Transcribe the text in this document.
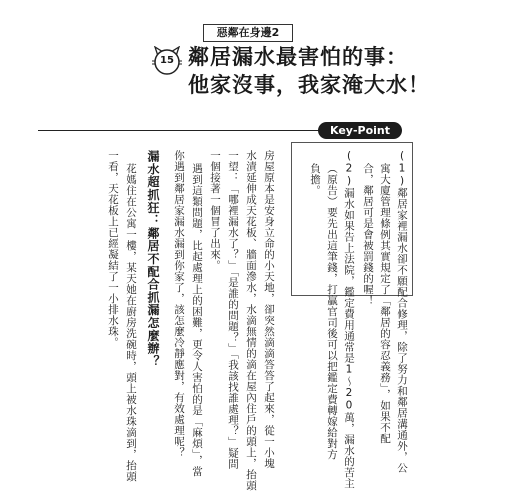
惡鄰在身邊2
15 鄰居漏水最害怕的事：
他家沒事，我家淹大水！
Key-Point
(1)鄰居家裡漏水卻不願配合修理，除了努力和鄰居溝通外，公
寓大廈管理條例其實規定了「鄰居的容忍義務」，如果不配
合，鄰居可是會被罰錢的喔！
(2)漏水如果告上法院，鑑定費用通常是1～20萬，漏水的苦主
（原告）要先出這筆錢，打贏官司後可以把鑑定費轉嫁給對方
負擔。
房屋原本是安身立命的小天地，卻突然滴滴答答了起來，從一小塊
水漬延伸成天花板、牆面滲水，水滴無情的滴在屋內住戶的頭上，抬頭
一望：「哪裡漏水了？」「是誰的問題？」「我該找誰處理？」疑問
一個接著一個冒了出來。
遇到這類問題，比起處理上的困難，更令人害怕的是「麻煩」，當
你遇到鄰居家漏水漏到你家了，該怎麼冷靜應對，有效處理呢？
漏水超抓狂：鄰居不配合抓漏怎麼辦？
花媽住在公寓一樓，某天她在廚房洗碗時，頭上被水珠滴到，抬頭
一看，天花板上已經凝結了一小排水珠。
